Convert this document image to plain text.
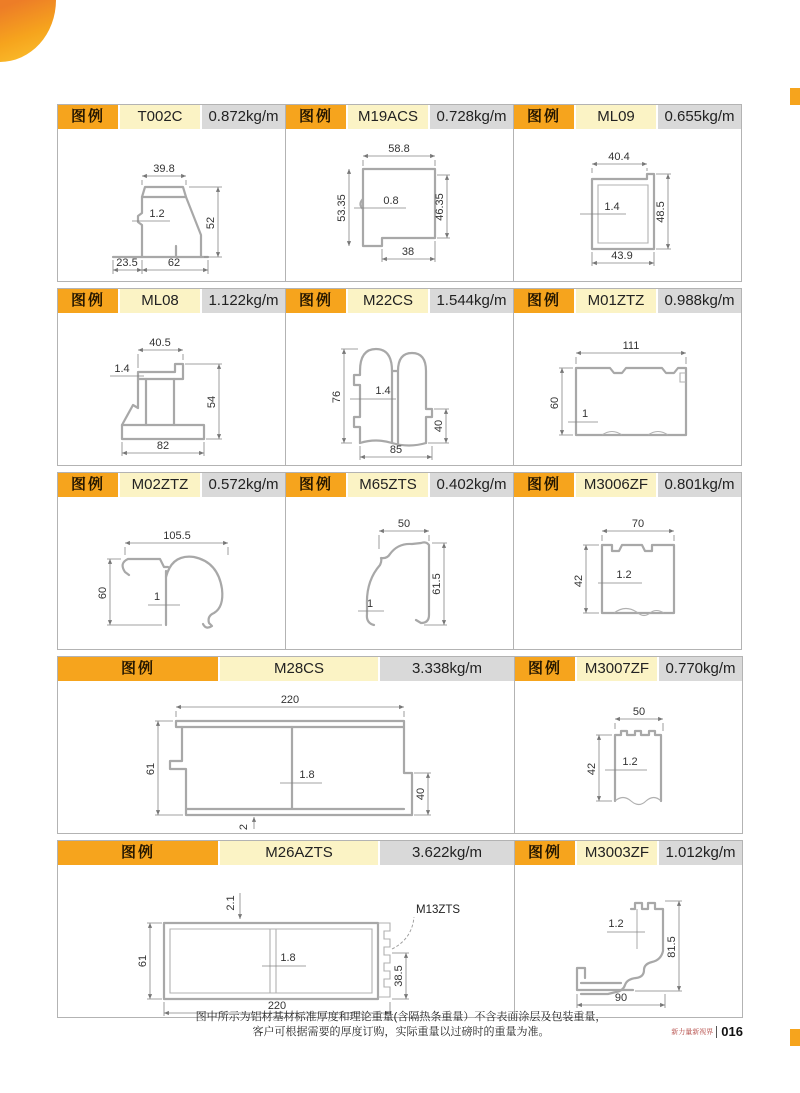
图例	T002C	0.872kg/m
39.8
1.2
52
23.5	62
图例	M19ACS	0.728kg/m
58.8
53.35	0.8	46.35
38
图例	ML09	0.655kg/m
40.4
1.4	48.5
43.9
图例	ML08	1.122kg/m
40.5
1.4
54
82
图例	M22CS	1.544kg/m
76	1.4
40
85
图例	M01ZTZ	0.988kg/m
111
60
1
图例	M02ZTZ	0.572kg/m
105.5
60	1
图例	M65ZTS	0.402kg/m
50
1
61.5
图例	M3006ZF	0.801kg/m
70
42	1.2
图例	M28CS	3.338kg/m
220
61	1.8
40
2
图例	M3007ZF	0.770kg/m
50
42
1.2
图例	M26AZTS	3.622kg/m
M13ZTS
2.1
61	1.8
220
38.5
图例	M3003ZF	1.012kg/m
1.2
81.5
90
图中所示为铝材基材标准厚度和理论重量(含隔热条重量）不含表面涂层及包装重量，
客户可根据需要的厚度订购，实际重量以过磅时的重量为准。	新力量新视界 016
